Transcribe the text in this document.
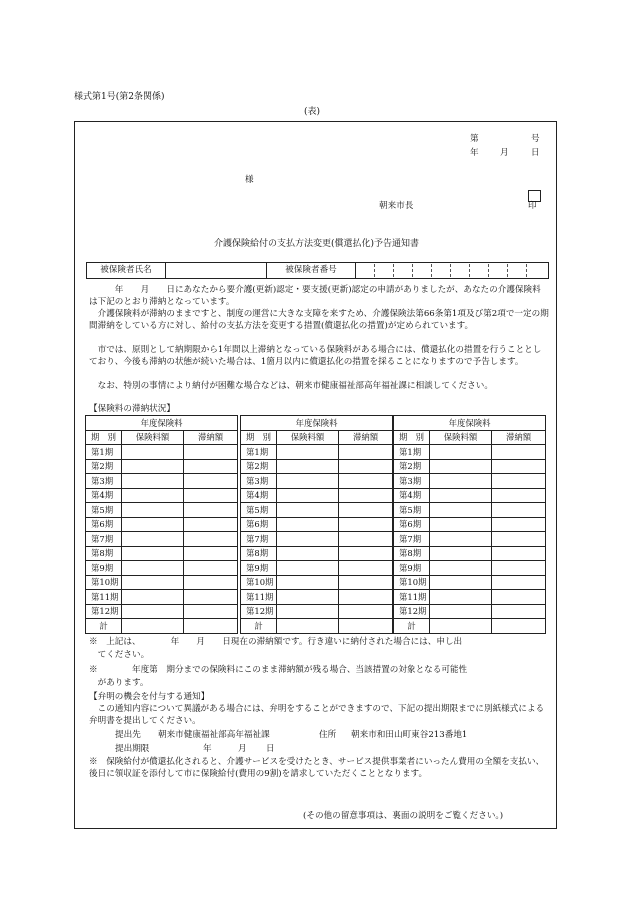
様式第1号(第2条関係)
(表)
第	号
年 月	日
様
朝来市長	印
介護保険給付の支払方法変更(償還払化)予告通知書
被保険者氏名	被保険者番号
　　　年　　月　　日にあなたから要介護(更新)認定・要支援(更新)認定の申請がありましたが、あなたの介護保険料は下記のとおり滞納となっています。
　介護保険料が滞納のままですと、制度の運営に大きな支障を来すため、介護保険法第66条第1項及び第2項で一定の期間滞納をしている方に対し、給付の支払方法を変更する措置(償還払化の措置)が定められています。
　市では、原則として納期限から1年間以上滞納となっている保険料がある場合には、償還払化の措置を行うこととしており、今後も滞納の状態が続いた場合は、1箇月以内に償還払化の措置を採ることになりますので予告します。
　なお、特別の事情により納付が困難な場合などは、朝来市健康福祉部高年福祉課に相談してください。
【保険料の滞納状況】
年度保険料		
期　別	保険料額	滞納額
第1期		
第2期		
第3期		
第4期		
第5期		
第6期		
第7期		
第8期		
第9期		
第10期		
第11期		
第12期		
計		
年度保険料		
期　別	保険料額	滞納額
第1期		
第2期		
第3期		
第4期		
第5期		
第6期		
第7期		
第8期		
第9期		
第10期		
第11期		
第12期		
計		
年度保険料		
期　別	保険料額	滞納額
第1期		
第2期		
第3期		
第4期		
第5期		
第6期		
第7期		
第8期		
第9期		
第10期		
第11期		
第12期		
計		
※　上記は、　　　　年　　月　　日現在の滞納額です。行き違いに納付された場合には、申し出
　てください。
※　　　　年度第　期分までの保険料にこのまま滞納額が残る場合、当該措置の対象となる可能性
　があります。
【弁明の機会を付与する通知】
　この通知内容について異議がある場合には、弁明をすることができますので、下記の提出期限までに別紙様式による弁明書を提出してください。
提出先　　朝来市健康福祉部高年福祉課	住所 朝来市和田山町東谷213番地1
提出期限	年	月 日
※　保険給付が償還払化されると、介護サービスを受けたとき、サービス提供事業者にいったん費用の全額を支払い、後日に領収証を添付して市に保険給付(費用の9割)を請求していただくこととなります。
(その他の留意事項は、裏面の説明をご覧ください。)
